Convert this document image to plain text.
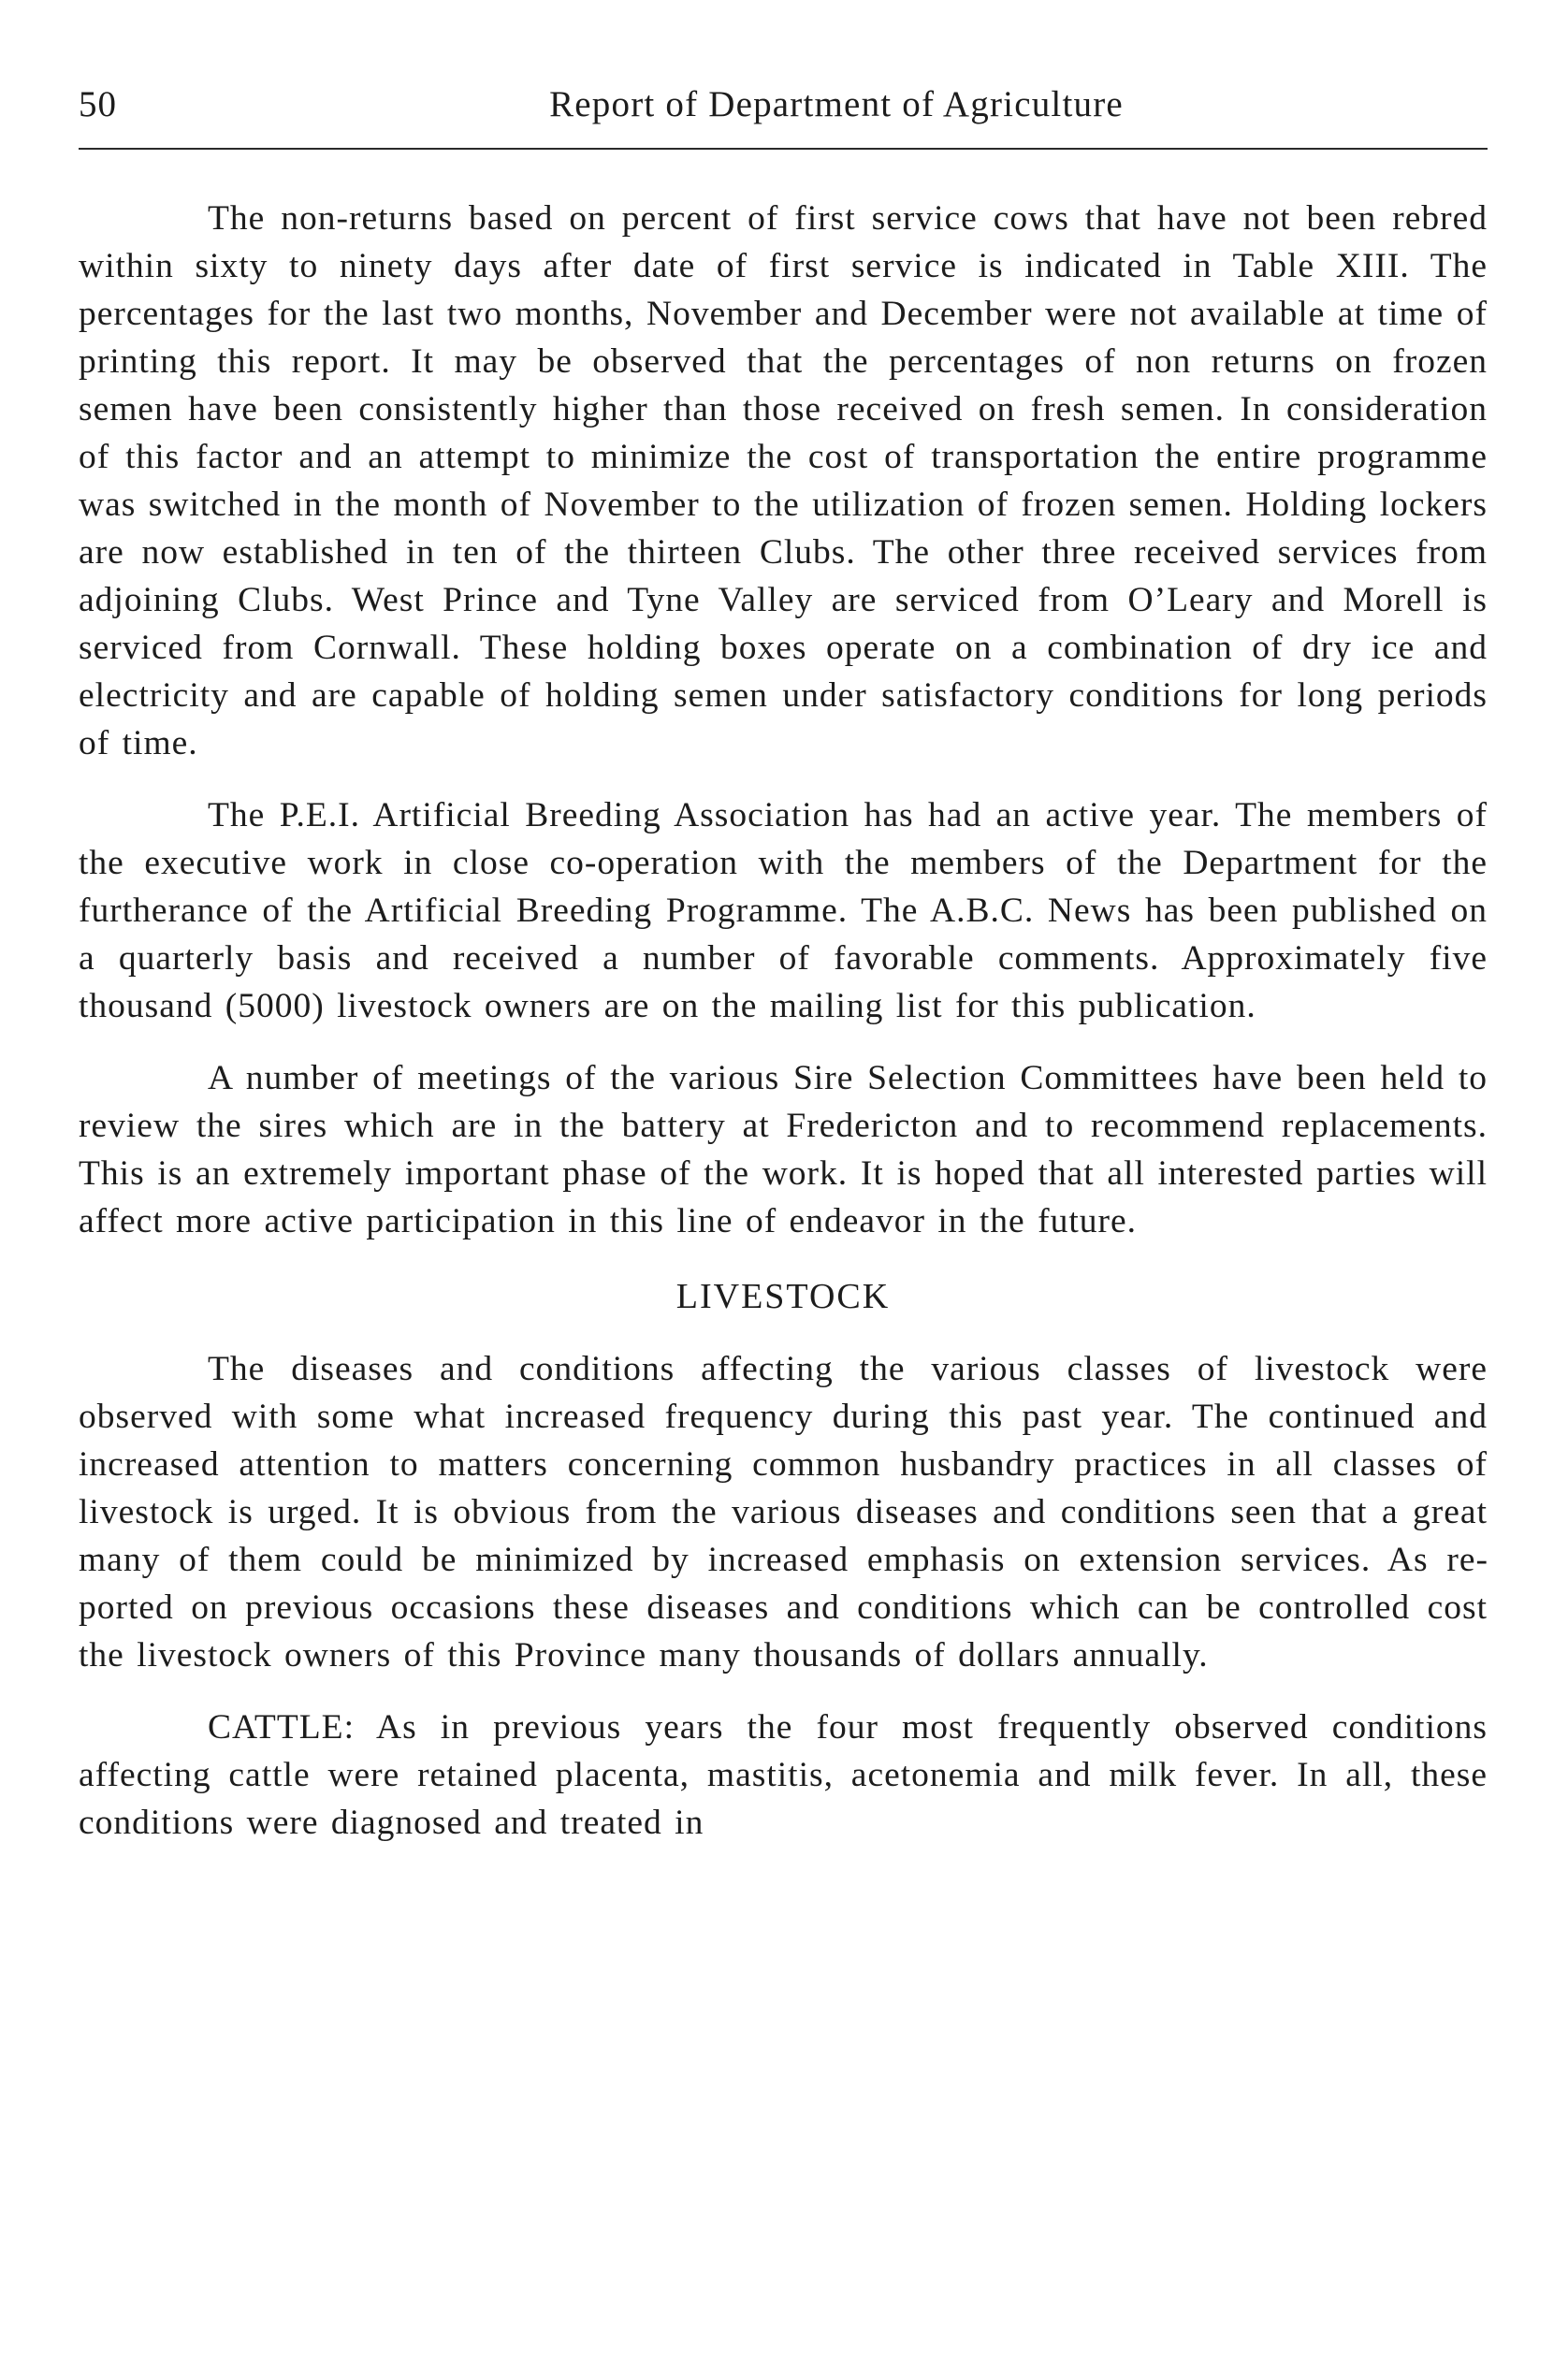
50	Report of Department of Agriculture

The non-returns based on percent of first service cows that have not been rebred within sixty to ninety days after date of first service is indicated in Table XIII. The percentages for the last two months, November and December were not available at time of printing this report. It may be observed that the percentages of non returns on frozen semen have been consistently higher than those received on fresh semen. In consideration of this factor and an attempt to minimize the cost of transportation the entire programme was switched in the month of November to the utilization of frozen semen. Holding lockers are now established in ten of the thirteen Clubs. The other three received services from adjoining Clubs. West Prince and Tyne Valley are serviced from O’Leary and Morell is serviced from Cornwall. These holding boxes operate on a combination of dry ice and electricity and are capable of holding semen under satisfactory conditions for long periods of time.

The P.E.I. Artificial Breeding Association has had an active year. The members of the executive work in close co-operation with the members of the Department for the furtherance of the Artificial Breeding Programme. The A.B.C. News has been published on a quarterly basis and received a number of favorable comments. Approximately five thousand (5000) livestock owners are on the mailing list for this publication.

A number of meetings of the various Sire Selection Committees have been held to review the sires which are in the battery at Fredericton and to recommend replacements. This is an extremely important phase of the work. It is hoped that all interested parties will affect more active participation in this line of endeavor in the future.

LIVESTOCK

The diseases and conditions affecting the various classes of livestock were observed with some what increased frequency during this past year. The continued and increased attention to matters concerning common husbandry practices in all classes of livestock is urged. It is obvious from the various diseases and conditions seen that a great many of them could be minimized by increased emphasis on extension services. As reported on previous occasions these diseases and conditions which can be controlled cost the livestock owners of this Province many thousands of dollars annually.

CATTLE: As in previous years the four most frequently observed conditions affecting cattle were retained placenta, mastitis, acetonemia and milk fever. In all, these conditions were diagnosed and treated in
